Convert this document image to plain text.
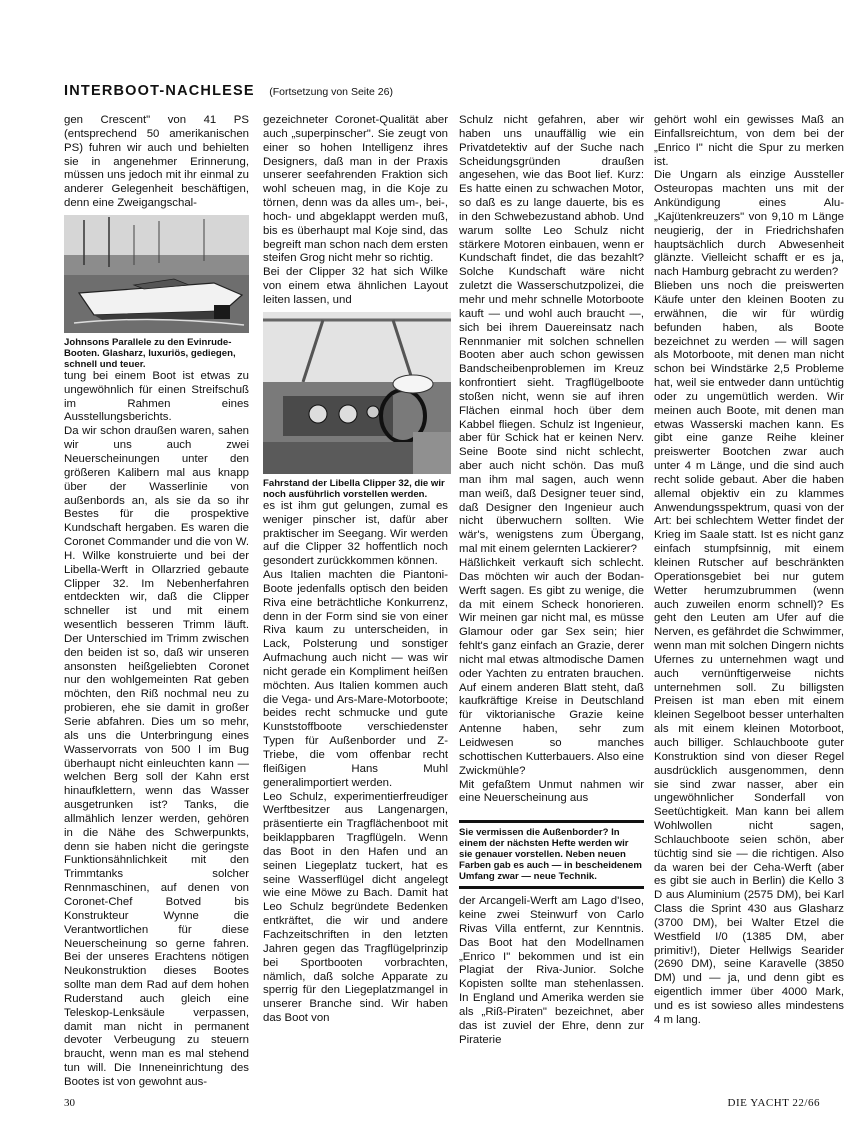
INTERBOOT-NACHLESE (Fortsetzung von Seite 26)

gen Crescent" von 41 PS (entsprechend 50 amerikanischen PS) fuhren wir auch und behielten sie in angenehmer Erinnerung, müssen uns jedoch mit ihr einmal zu anderer Gelegenheit beschäftigen, denn eine Zweigangschal-

Johnsons Parallele zu den Evinrude-Booten. Glasharz, luxuriös, gediegen, schnell und teuer.

tung bei einem Boot ist etwas zu ungewöhnlich für einen Streifschuß im Rahmen eines Ausstellungsberichts.

Da wir schon draußen waren, sahen wir uns auch zwei Neuerscheinungen unter den größeren Kalibern mal aus knapp über der Wasserlinie von außenbords an, als sie da so ihr Bestes für die prospektive Kundschaft hergaben. Es waren die Coronet Commander und die von W. H. Wilke konstruierte und bei der Libella-Werft in Ollarzried gebaute Clipper 32. Im Nebenherfahren entdeckten wir, daß die Clipper schneller ist und mit einem wesentlich besseren Trimm läuft. Der Unterschied im Trimm zwischen den beiden ist so, daß wir unseren ansonsten heißgeliebten Coronet nur den wohlgemeinten Rat geben möchten, den Riß nochmal neu zu probieren, ehe sie damit in großer Serie abfahren. Dies um so mehr, als uns die Unterbringung eines Wasservorrats von 500 l im Bug überhaupt nicht einleuchten kann — welchen Berg soll der Kahn erst hinaufklettern, wenn das Wasser ausgetrunken ist? Tanks, die allmählich lenzer werden, gehören in die Nähe des Schwerpunkts, denn sie haben nicht die geringste Funktionsähnlichkeit mit den Trimmtanks solcher Rennmaschinen, auf denen von Coronet-Chef Botved bis Konstrukteur Wynne die Verantwortlichen für diese Neuerscheinung so gerne fahren. Bei der unseres Erachtens nötigen Neukonstruktion dieses Bootes sollte man dem Rad auf dem hohen Ruderstand auch gleich eine Teleskop-Lenksäule verpassen, damit man nicht in permanent devoter Verbeugung zu steuern braucht, wenn man es mal stehend tun will. Die Inneneinrichtung des Bootes ist von gewohnt aus-

gezeichneter Coronet-Qualität aber auch „superpinscher". Sie zeugt von einer so hohen Intelligenz ihres Designers, daß man in der Praxis unserer seefahrenden Fraktion sich wohl scheuen mag, in die Koje zu törnen, denn was da alles um-, bei-, hoch- und abgeklappt werden muß, bis es überhaupt mal Koje sind, das begreift man schon nach dem ersten steifen Grog nicht mehr so richtig.

Bei der Clipper 32 hat sich Wilke von einem etwa ähnlichen Layout leiten lassen, und

Fahrstand der Libella Clipper 32, die wir noch ausführlich vorstellen werden.

es ist ihm gut gelungen, zumal es weniger pinscher ist, dafür aber praktischer im Seegang. Wir werden auf die Clipper 32 hoffentlich noch gesondert zurückkommen können.

Aus Italien machten die Piantoni-Boote jedenfalls optisch den beiden Riva eine beträchtliche Konkurrenz, denn in der Form sind sie von einer Riva kaum zu unterscheiden, in Lack, Polsterung und sonstiger Aufmachung auch nicht — was wir nicht gerade ein Kompliment heißen möchten. Aus Italien kommen auch die Vega- und Ars-Mare-Motorboote; beides recht schmucke und gute Kunststoffboote verschiedenster Typen für Außenborder und Z-Triebe, die vom offenbar recht fleißigen Hans Muhl generalimportiert werden.

Leo Schulz, experimentierfreudiger Werftbesitzer aus Langenargen, präsentierte ein Tragflächenboot mit beiklappbaren Tragflügeln. Wenn das Boot in den Hafen und an seinen Liegeplatz tuckert, hat es seine Wasserflügel dicht angelegt wie eine Möwe zu Bach. Damit hat Leo Schulz begründete Bedenken entkräftet, die wir und andere Fachzeitschriften in den letzten Jahren gegen das Tragflügelprinzip bei Sportbooten vorbrachten, nämlich, daß solche Apparate zu sperrig für den Liegeplatzmangel in unserer Branche sind. Wir haben das Boot von

Schulz nicht gefahren, aber wir haben uns unauffällig wie ein Privatdetektiv auf der Suche nach Scheidungsgründen draußen angesehen, wie das Boot lief. Kurz: Es hatte einen zu schwachen Motor, so daß es zu lange dauerte, bis es in den Schwebezustand abhob. Und warum sollte Leo Schulz nicht stärkere Motoren einbauen, wenn er Kundschaft findet, die das bezahlt? Solche Kundschaft wäre nicht zuletzt die Wasserschutzpolizei, die mehr und mehr schnelle Motorboote kauft — und wohl auch braucht —, sich bei ihrem Dauereinsatz nach Rennmanier mit solchen schnellen Booten aber auch schon gewissen Bandscheibenproblemen im Kreuz konfrontiert sieht. Tragflügelboote stoßen nicht, wenn sie auf ihren Flächen einmal hoch über dem Kabbel fliegen. Schulz ist Ingenieur, aber für Schick hat er keinen Nerv. Seine Boote sind nicht schlecht, aber auch nicht schön. Das muß man ihm mal sagen, auch wenn man weiß, daß Designer teuer sind, daß Designer den Ingenieur auch nicht überwuchern sollten. Wie wär's, wenigstens zum Übergang, mal mit einem gelernten Lackierer?

Häßlichkeit verkauft sich schlecht. Das möchten wir auch der Bodan-Werft sagen. Es gibt zu wenige, die da mit einem Scheck honorieren. Wir meinen gar nicht mal, es müsse Glamour oder gar Sex sein; hier fehlt's ganz einfach an Grazie, derer nicht mal etwas altmodische Damen oder Yachten zu entraten brauchen. Auf einem anderen Blatt steht, daß kaufkräftige Kreise in Deutschland für viktorianische Grazie keine Antenne haben, sehr zum Leidwesen so manches schottischen Kutterbauers. Also eine Zwickmühle?

Mit gefaßtem Unmut nahmen wir eine Neuerscheinung aus

Sie vermissen die Außenborder? In einem der nächsten Hefte werden wir sie genauer vorstellen. Neben neuen Farben gab es auch — in bescheidenem Umfang zwar — neue Technik.

der Arcangeli-Werft am Lago d'Iseo, keine zwei Steinwurf von Carlo Rivas Villa entfernt, zur Kenntnis. Das Boot hat den Modellnamen „Enrico I" bekommen und ist ein Plagiat der Riva-Junior. Solche Kopisten sollte man stehenlassen. In England und Amerika werden sie als „Riß-Piraten" bezeichnet, aber das ist zuviel der Ehre, denn zur Piraterie

gehört wohl ein gewisses Maß an Einfallsreichtum, von dem bei der „Enrico I" nicht die Spur zu merken ist.

Die Ungarn als einzige Aussteller Osteuropas machten uns mit der Ankündigung eines Alu-„Kajütenkreuzers" von 9,10 m Länge neugierig, der in Friedrichshafen hauptsächlich durch Abwesenheit glänzte. Vielleicht schafft er es ja, nach Hamburg gebracht zu werden?

Blieben uns noch die preiswerten Käufe unter den kleinen Booten zu erwähnen, die wir für würdig befunden haben, als Boote bezeichnet zu werden — will sagen als Motorboote, mit denen man nicht schon bei Windstärke 2,5 Probleme hat, weil sie entweder dann untüchtig oder zu ungemütlich werden. Wir meinen auch Boote, mit denen man etwas Wasserski machen kann. Es gibt eine ganze Reihe kleiner preiswerter Bootchen zwar auch unter 4 m Länge, und die sind auch recht solide gebaut. Aber die haben allemal objektiv ein zu klammes Anwendungsspektrum, quasi von der Art: bei schlechtem Wetter findet der Krieg im Saale statt. Ist es nicht ganz einfach stumpfsinnig, mit einem kleinen Rutscher auf beschränkten Operationsgebiet bei nur gutem Wetter herumzubrummen (wenn auch zuweilen enorm schnell)? Es geht den Leuten am Ufer auf die Nerven, es gefährdet die Schwimmer, wenn man mit solchen Dingern nichts Ufernes zu unternehmen wagt und auch vernünftigerweise nichts unternehmen soll. Zu billigsten Preisen ist man eben mit einem kleinen Segelboot besser unterhalten als mit einem kleinen Motorboot, auch billiger. Schlauchboote guter Konstruktion sind von dieser Regel ausdrücklich ausgenommen, denn sie sind zwar nasser, aber ein ungewöhnlicher Sonderfall von Seetüchtigkeit. Man kann bei allem Wohlwollen nicht sagen, Schlauchboote seien schön, aber tüchtig sind sie — die richtigen. Also da waren bei der Ceha-Werft (aber es gibt sie auch in Berlin) die Kello 3 D aus Aluminium (2575 DM), bei Karl Class die Sprint 430 aus Glasharz (3700 DM), bei Walter Etzel die Westfield I/0 (1385 DM, aber primitiv!), Dieter Hellwigs Searider (2690 DM), seine Karavelle (3850 DM) und — ja, und denn gibt es eigentlich immer über 4000 Mark, und es ist sowieso alles mindestens 4 m lang.

30	DIE YACHT 22/66
